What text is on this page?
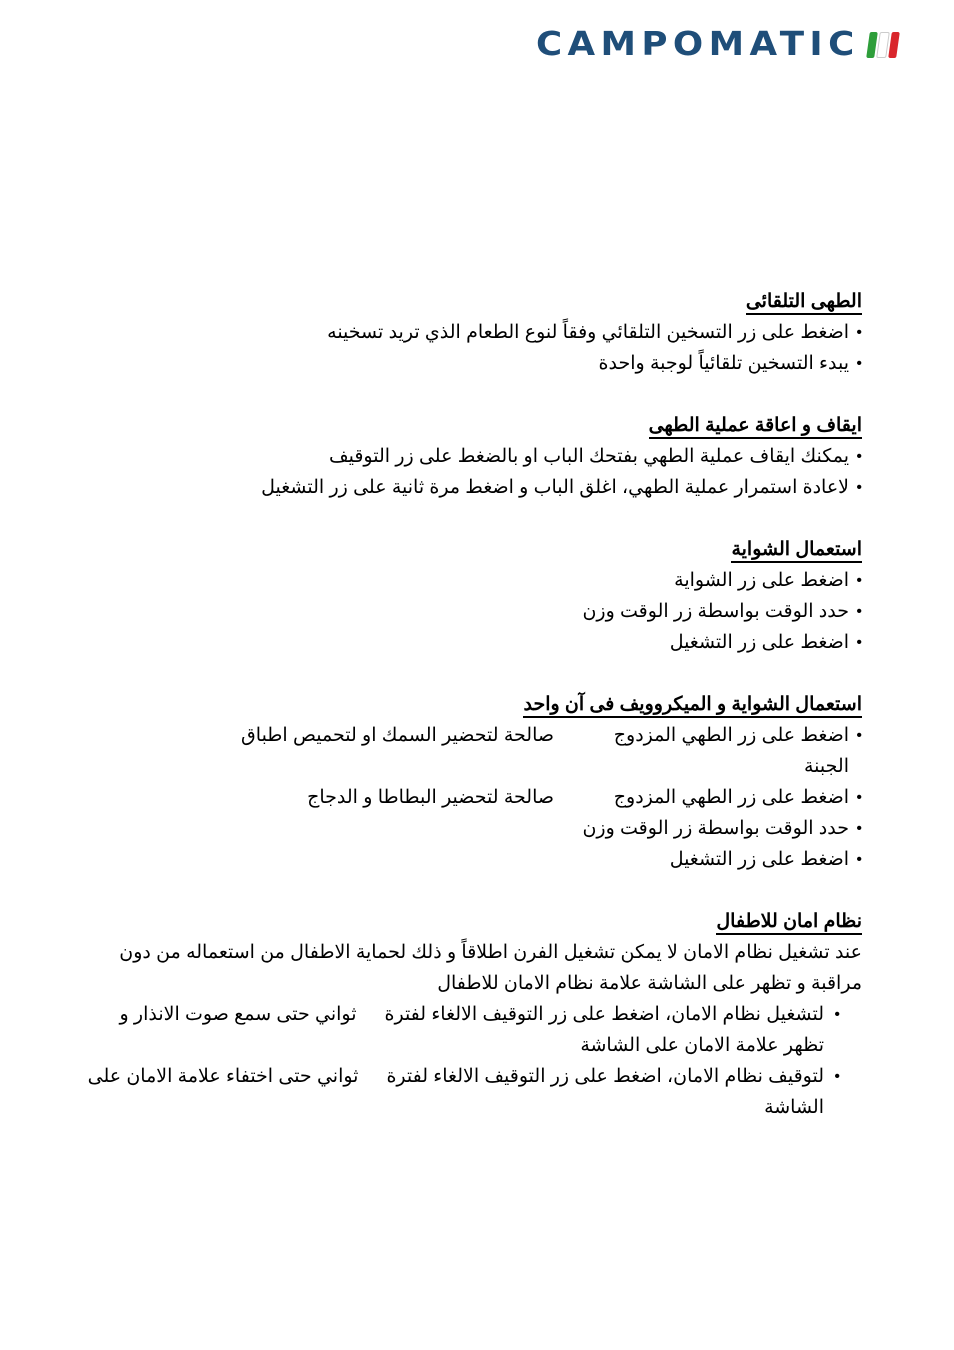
CAMPOMATIC
الطهى التلقائى
• اضغط على زر التسخين التلقائي وفقاً لنوع الطعام الذي تريد تسخينه
• يبدء التسخين تلقائياً لوجبة واحدة
ايقاف و اعاقة عملية الطهى
• يمكنك ايقاف عملية الطهي بفتحك الباب او بالضغط على زر التوقيف
• لاعادة استمرار عملية الطهي، اغلق الباب و اضغط مرة ثانية على زر التشغيل
استعمال الشواية
• اضغط على زر الشواية
• حدد الوقت بواسطة زر الوقت وزن
• اضغط على زر التشغيل
استعمال الشواية و الميكروويف فى آن واحد
• اضغط على زر الطهي المزدوج
صالحة لتحضير السمك او لتحميص اطباق
الجبنة
• اضغط على زر الطهي المزدوج
صالحة لتحضير البطاطا و الدجاج
• حدد الوقت بواسطة زر الوقت وزن
• اضغط على زر التشغيل
نظام امان للاطفال

عند تشغيل نظام الامان لا يمكن تشغيل الفرن اطلاقاً و ذلك لحماية الاطفال من استعماله من دون مراقبة و تظهر على الشاشة علامة نظام الامان للاطفال

• لتشغيل نظام الامان، اضغط على زر التوقيف الالغاء لفترةثواني حتى سمع صوت الانذار و تظهر علامة الامان على الشاشة
• لتوقيف نظام الامان، اضغط على زر التوقيف الالغاء لفترةثواني حتى اختفاء علامة الامان على الشاشة
